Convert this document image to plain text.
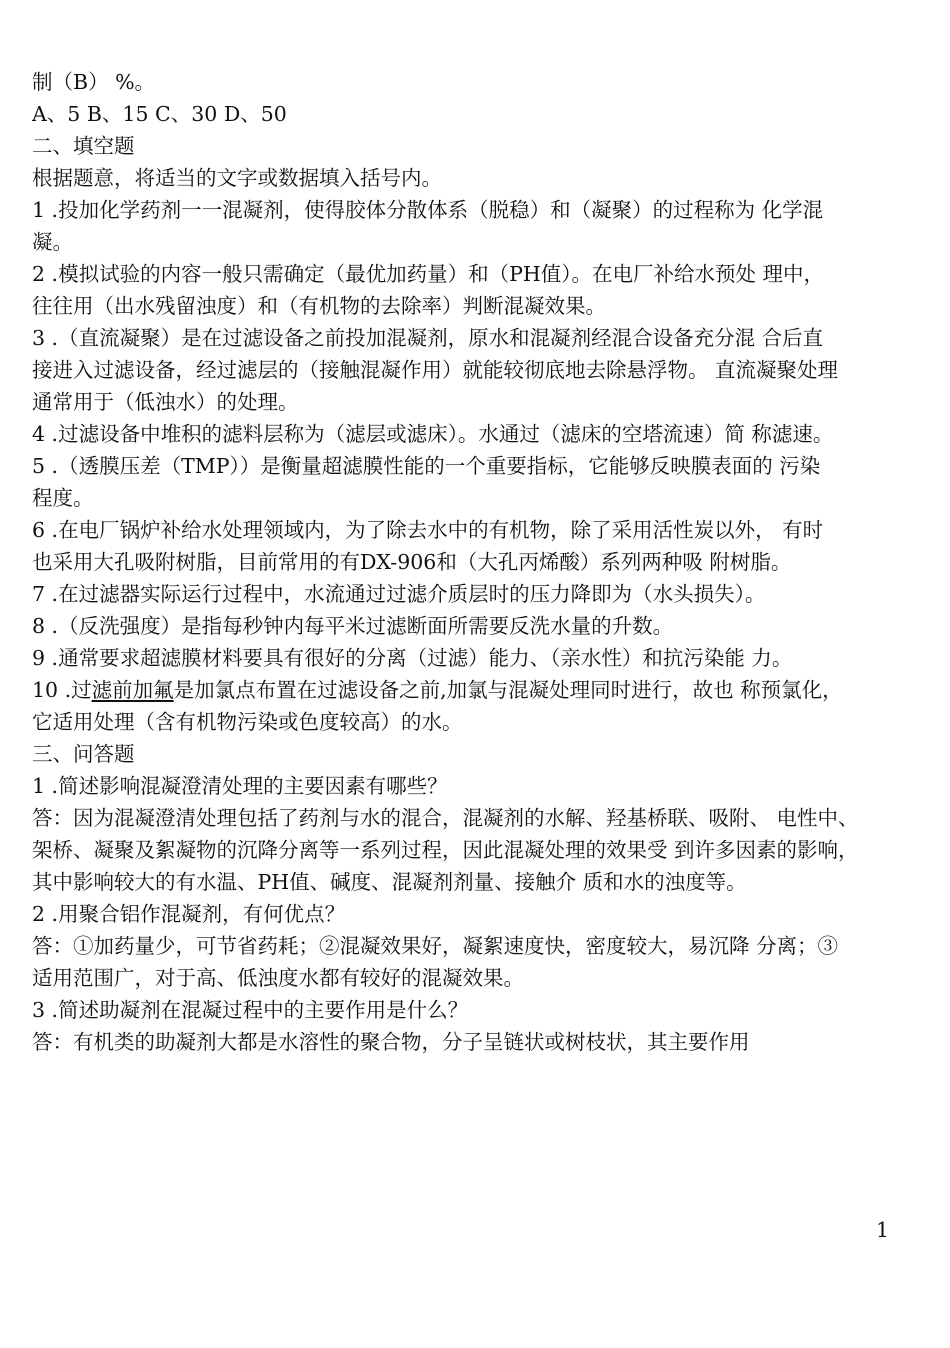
制（B） %。
A、5 B、15 C、30 D、50
二、填空题
根据题意，将适当的文字或数据填入括号内。
1 .投加化学药剂一一混凝剂，使得胶体分散体系（脱稳）和（凝聚）的过程称为 化学混
凝。
2 .模拟试验的内容一般只需确定（最优加药量）和（PH值）。在电厂补给水预处 理中，
往往用（出水残留浊度）和（有机物的去除率）判断混凝效果。
3 .（直流凝聚）是在过滤设备之前投加混凝剂，原水和混凝剂经混合设备充分混 合后直
接进入过滤设备，经过滤层的（接触混凝作用）就能较彻底地去除悬浮物。 直流凝聚处理
通常用于（低浊水）的处理。
4 .过滤设备中堆积的滤料层称为（滤层或滤床）。水通过（滤床的空塔流速）简 称滤速。
5 .（透膜压差（TMP））是衡量超滤膜性能的一个重要指标，它能够反映膜表面的 污染
程度。
6 .在电厂锅炉补给水处理领域内，为了除去水中的有机物，除了采用活性炭以外， 有时
也采用大孔吸附树脂，目前常用的有DX-906和（大孔丙烯酸）系列两种吸 附树脂。
7 .在过滤器实际运行过程中，水流通过过滤介质层时的压力降即为（水头损失）。
8 .（反洗强度）是指每秒钟内每平米过滤断面所需要反洗水量的升数。
9 .通常要求超滤膜材料要具有很好的分离（过滤）能力、（亲水性）和抗污染能 力。
10 .过滤前加氟是加氯点布置在过滤设备之前,加氯与混凝处理同时进行，故也 称预氯化，
它适用处理（含有机物污染或色度较高）的水。
三、问答题
1 .简述影响混凝澄清处理的主要因素有哪些？
答：因为混凝澄清处理包括了药剂与水的混合，混凝剂的水解、羟基桥联、吸附、 电性中、
架桥、凝聚及絮凝物的沉降分离等一系列过程，因此混凝处理的效果受 到许多因素的影响，
其中影响较大的有水温、PH值、碱度、混凝剂剂量、接触介 质和水的浊度等。
2 .用聚合铝作混凝剂，有何优点？
答：①加药量少，可节省药耗；②混凝效果好，凝絮速度快，密度较大，易沉降 分离；③
适用范围广，对于高、低浊度水都有较好的混凝效果。
3 .简述助凝剂在混凝过程中的主要作用是什么？
答：有机类的助凝剂大都是水溶性的聚合物，分子呈链状或树枝状，其主要作用
1
